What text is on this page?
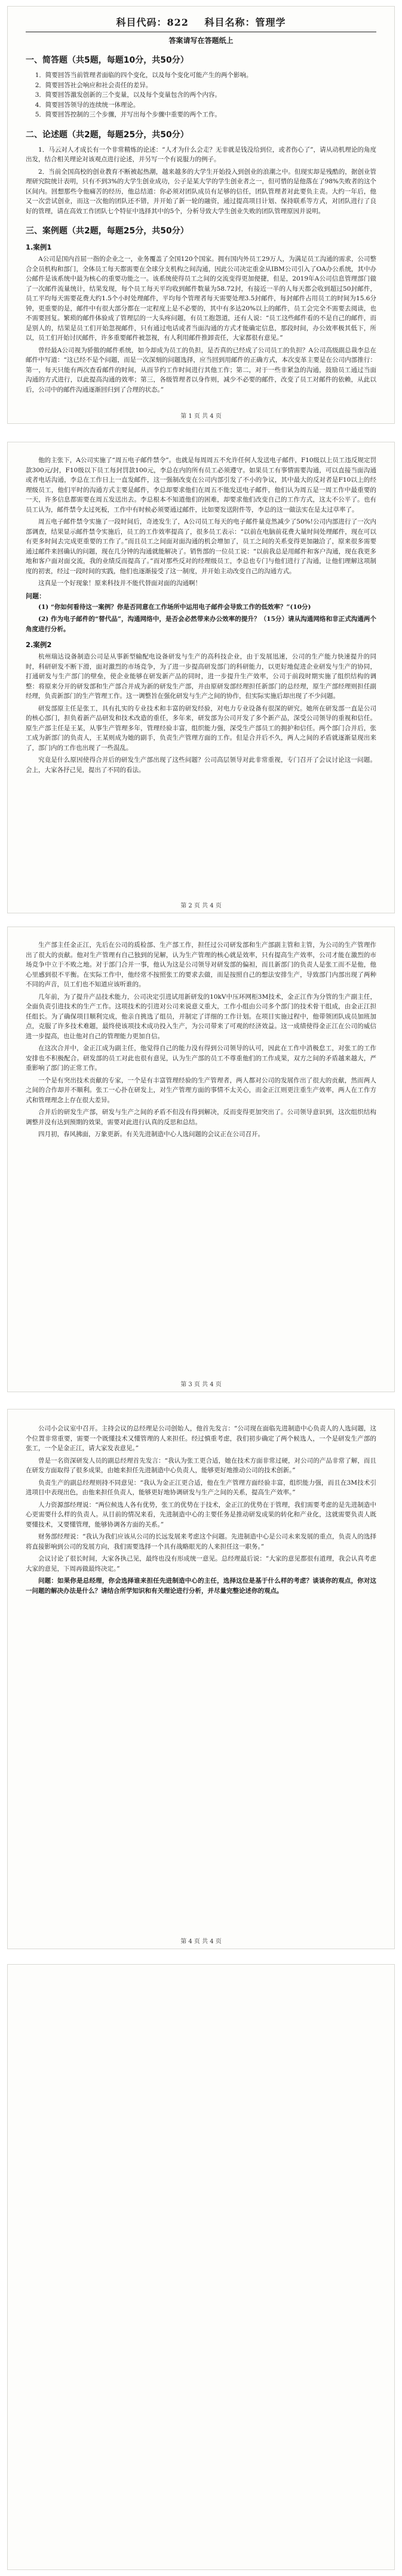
科目代码：822 科目名称：管理学
答案请写在答题纸上
一、简答题（共5题，每题10分，共50分）
1．简要回答当前管理者面临的四个变化，以及每个变化可能产生的两个影响。
2．简要回答社会响应和社会责任的差异。
3．简要回答激发创新的三个变量，以及每个变量包含的两个内容。
4．简要回答领导的连续统一体理论。
5．简要回答控制的三个步骤，并写出每个步骤中重要的两个工作。
二、论述题（共2题，每题25分，共50分）

1．马云对人才成长有一个非常精炼的论述：“人才为什么会走？无非就是钱没给到位，或者伤心了”，请从动机理论的角度出发，结合相关理论对该观点进行论述，并另写一个有说服力的例子。

2．当前全国高校的创业教育不断被起热潮，越来越多的大学生开始投入到创业的浪潮之中。但现实却是残酷的，据创业管理研究院统计表明，只有不到3%的大学生创业成功，公子是某大学的学生创业者之一，但可惜的是他落在了98%失败者的这个区间内。回想那些令他痛苦的经历，他总结道：你必须对团队成员有足够的信任，团队管理者对此要负主责。大约一年后，他又一次尝试创业，而这一次他的团队还不错，并开始了新一轮的融资，通过提高项目计划、保持联系等方式，对团队进行了良好的管理，请在高效工作团队七个特征中选择其中的5个，分析导致大学生创业失败的团队管理原因并说明。

三、案例题（共2题，每题25分，共50分）
1.案例1

A公司是国内首屈一指的企业之一，业务覆盖了全国120个国家。拥有国内外员工29万人，为满足员工沟通的需求，公司整合全员机构和部门，全体员工每天都需要在全球分支机构之间沟通，因此公司决定重金从IBM公司引入了OA办公系统，其中办公邮件是该系统中最为核心的重要功能之一。该系统使得员工之间的交流变得更加便捷，但是，2019年A公司信息管理部门做了一次邮件流量统计，结果发现，每个员工每天平均收到邮件数量为58.72封，有接近一半的人每天都会收到超过50封邮件，员工平均每天需要花费大约1.5个小时处理邮件，平均每个管理者每天需要处理3.5封邮件，每封邮件占用员工的时间为15.6分钟，更重要的是，邮件中有很大部分都在一定程度上是不必要的，其中有多达20%以上的邮件，员工会完全不需要去阅读，也不需要回复。繁琐的邮件体验成了管理层的一大头疼问题，有员工抱怨道，还有人说：“员工这些邮件看的不是自己的邮件，而是别人的，结果是员工们开始忽视邮件，只有通过电话或者当面沟通的方式才能确定信息，那段时间，办公效率极其低下，所以，员工们开始讨厌邮件，许多重要邮件被忽视，有人利用邮件推卸责任，大家都很有意见。”

曾经最A公司视为骄傲的邮件系统，如今却成为员工的负担，是否真的已经成了公司员工的负担？A公司高级副总裁李总在邮件中写道：“这已经不是个问题，而是一次深刻的问题选择，应当回到用邮件的正确方式，本次变革主要是在公司内部推行：第一，每天只能有两次查看邮件的时间，从而节约工作时间进行其他工作；第二，对于一些非紧急的沟通，鼓励员工通过当面沟通的方式进行，以此提高沟通的效率；第三，各级管理者以身作则，减少不必要的邮件，改变了员工对邮件的依赖，从此以后，公司中的邮件沟通逐渐回归到了合理的状态。”

第 1 页 共 4 页

他的主张下，A公司实施了“周五电子邮件禁令”。也就是每周周五不允许任何人发送电子邮件，F10级以上员工违反规定罚款300元/封，F10级以下员工每封罚款100元，李总在内的所有员工必须遵守。如果员工有事情需要沟通，可以直接当面沟通或者电话沟通，李总在工作日上一直发邮件，这一强制改变在公司内部引发了不小的争议，其中最大的反对者是F10以上的经理级员工，他们平时的沟通方式主要是邮件，李总却要求他们在周五不能发送电子邮件，他们认为周五是一周工作中最重要的一天，许多信息都需要在周五发送出去。李总根本不知道他们的困难，却要求他们改变自己的工作方式，这太不公平了。也有员工认为，邮件禁令太过死板，工作中有时候必须要通过邮件，比如要发送附件等，李总的这一做法实在是太过草率了。

周五电子邮件禁令实施了一段时间后，奇迹发生了，A公司员工每天的电子邮件量竟然减少了50%!公司内部进行了一次内部调查，结果显示邮件禁令实施后，员工的工作效率提高了，很多员工表示：“以前在电脑前花费大量时间处理邮件，现在可以有更多时间去完成更重要的工作了。”而且员工之间面对面沟通的机会增加了，员工之间的关系变得更加融洽了，原来很多需要通过邮件来回确认的问题，现在几分钟的沟通就能解决了。销售部的一位员工说：“以前我总是用邮件和客户沟通，现在我更多地和客户面对面交流，我的业绩反而提高了。”而对那些反对的经理级员工，李总也专门与他们进行了沟通，让他们理解这项制度的初衷，经过一段时间的实践，他们也逐渐接受了这一制度，并开始主动改变自己的沟通方式。

这真是一个好现象！原来科技并不能代替面对面的沟通啊！

问题：

(1) “你如何看待这一案例？你是否同意在工作场所中运用电子邮件会导致工作的低效率？”(10分)

(2) 作为电子邮件的“替代品”，沟通网络中，是否会必然带来办公效率的提升？（15分）请从沟通网络和非正式沟通两个角度进行分析。

2.案例2

杭州瑞达设备制造公司是从事新型输配电设备研发与生产的高科技企业，由于发展迅速，公司的生产能力快速提升的同时，科研研发不断下滑，面对激烈的市场竞争，为了进一步提高研发部门的科研能力，以更好地促进企业研发与生产的协同，打通研发与生产部门的壁垒，使企业能够在研发新产品的同时，进一步提升生产效率，公司于前段时期实施了组织结构的调整：将原来分开的研发部和生产部合并成为新的研发生产部，并由原研发部经理担任新部门的总经理，原生产部经理则担任副经理，负责新部门的生产管理工作。这一调整旨在强化研发与生产之间的协作，但实际实施后却出现了不少问题。

研发部原主任是张工，具有扎实的专业技术和丰富的研发经验，对电力专业设备有很深的研究。她所在研发部一直是公司的核心部门，担负着新产品研发和技术改造的重任，多年来，研发部为公司开发了多个新产品，深受公司领导的重视和信任。原生产部主任是王某，从事生产管理多年，管理经验丰富，组织能力强，深受生产部员工的拥护和信任。两个部门合并后，张工成为新部门的负责人，王某则成为她的副手，负责生产管理方面的工作。但是合并后不久，两人之间的矛盾就逐渐显现出来了，部门内的工作也出现了一些混乱。

究竟是什么原因使得合并后的研发生产部出现了这些问题？公司高层领导对此非常重视，专门召开了会议讨论这一问题。会上，大家各抒己见，提出了不同的看法。

第 2 页 共 4 页

生产部主任金正江，先后在公司的质检部、生产部工作，担任过公司研发部和生产部副主管和主管，为公司的生产管理作出了很大的贡献。他对生产管理有自己独到的见解，认为生产管理的核心就是效率，只有提高生产效率，公司才能在激烈的市场竞争中立于不败之地。对于部门合并一事，他认为这是公司领导对研发部的偏袒，而且新部门的负责人是张工而不是他，他心里感到很不平衡。在实际工作中，他经常不按照张工的要求去做，而是按照自己的想法安排生产，导致部门内部出现了两种不同的声音，员工们也不知道应该听谁的。

几年前，为了提升产品技术能力，公司决定引进试用新研发的10kV中压环网柜3M技术，金正江作为分管的生产副主任，全面负责引进技术的生产工作。这项技术的引进对公司来说意义重大，工作小组由公司多个部门的技术骨干组成，由金正江担任组长。为了确保项目顺利完成，他亲自挑选了组员，并制定了详细的工作计划。在项目实施过程中，他带领团队成员加班加点，克服了许多技术难题，最终使该项技术成功投入生产，为公司带来了可观的经济效益。这一成绩使得金正江在公司的威信进一步提高，也让他对自己的管理能力更加自信。

在这次合并中，金正江成为副主任，他觉得自己的能力没有得到公司领导的认可，因此在工作中消极怠工，对张工的工作安排也不积极配合。研发部的员工对此也很有意见，认为生产部的员工不尊重他们的工作成果，双方之间的矛盾越来越大，严重影响了部门的正常工作。

一个是有突出技术贡献的专家，一个是有丰富管理经验的生产管理者，两人都对公司的发展作出了很大的贡献，然而两人之间的合作却并不顺利。张工一心扑在研发上，对生产管理方面的事情不太关心，而金正江则更注重生产效率，两人在工作方式和管理理念上存在很大差异。

合并后的研发生产部，研发与生产之间的矛盾不但没有得到解决，反而变得更加突出了。公司领导意识到，这次组织结构调整并没有达到预期的效果，需要对此进行认真的反思和总结。

四月初，春风拂面，万象更新。有关先进制造中心人选问题的会议正在公司召开。

第 3 页 共 4 页

公司小会议室中召开。主持会议的总经理是公司创始人，他首先发言：“公司现在面临先进制造中心负责人的人选问题，这个位置非常重要，需要一个既懂技术又懂管理的人来担任。经过慎重考虑，我们初步确定了两个候选人，一个是研发生产部的张工，一个是金正江，请大家发表意见。”

曾是一名资深研发人员的副总经理首先发言：“我认为张工更合适，她在技术方面非常过硬，对公司的产品非常了解，而且在研发方面取得了很多成果，由她来担任先进制造中心负责人，能够更好地推动公司的技术创新。”

负责生产的副总经理则持不同意见：“我认为金正江更合适，他在生产管理方面经验丰富，组织能力强，而且在3M技术引进项目中表现出色，由他来担任负责人，能够更好地协调研发与生产之间的关系，提高生产效率。”

人力资源部经理说：“两位候选人各有优势，张工的优势在于技术，金正江的优势在于管理，我们需要考虑的是先进制造中心更需要什么样的负责人。从目前的情况来看，先进制造中心的主要任务是推动研发成果的转化和产业化，这就需要负责人既要懂技术，又要懂管理，能够协调各方面的关系。”

财务部经理说：“我认为我们应该从公司的长远发展来考虑这个问题。先进制造中心是公司未来发展的重点，负责人的选择将直接影响到公司的发展方向，我们需要选择一个具有战略眼光的人来担任这一职务。”

会议讨论了很长时间，大家各执己见，最终也没有形成统一意见。总经理最后说：“大家的意见都很有道理，我会认真考虑大家的意见，下周再做最终决定。”

问题：如果你是总经理，你会选择谁来担任先进制造中心的主任，选择这位是基于什么样的考虑？谈谈你的观点，你对这一问题的解决办法是什么？请结合所学知识和有关理论进行分析，并尽量完整论述你的观点。

第 4 页 共 4 页
